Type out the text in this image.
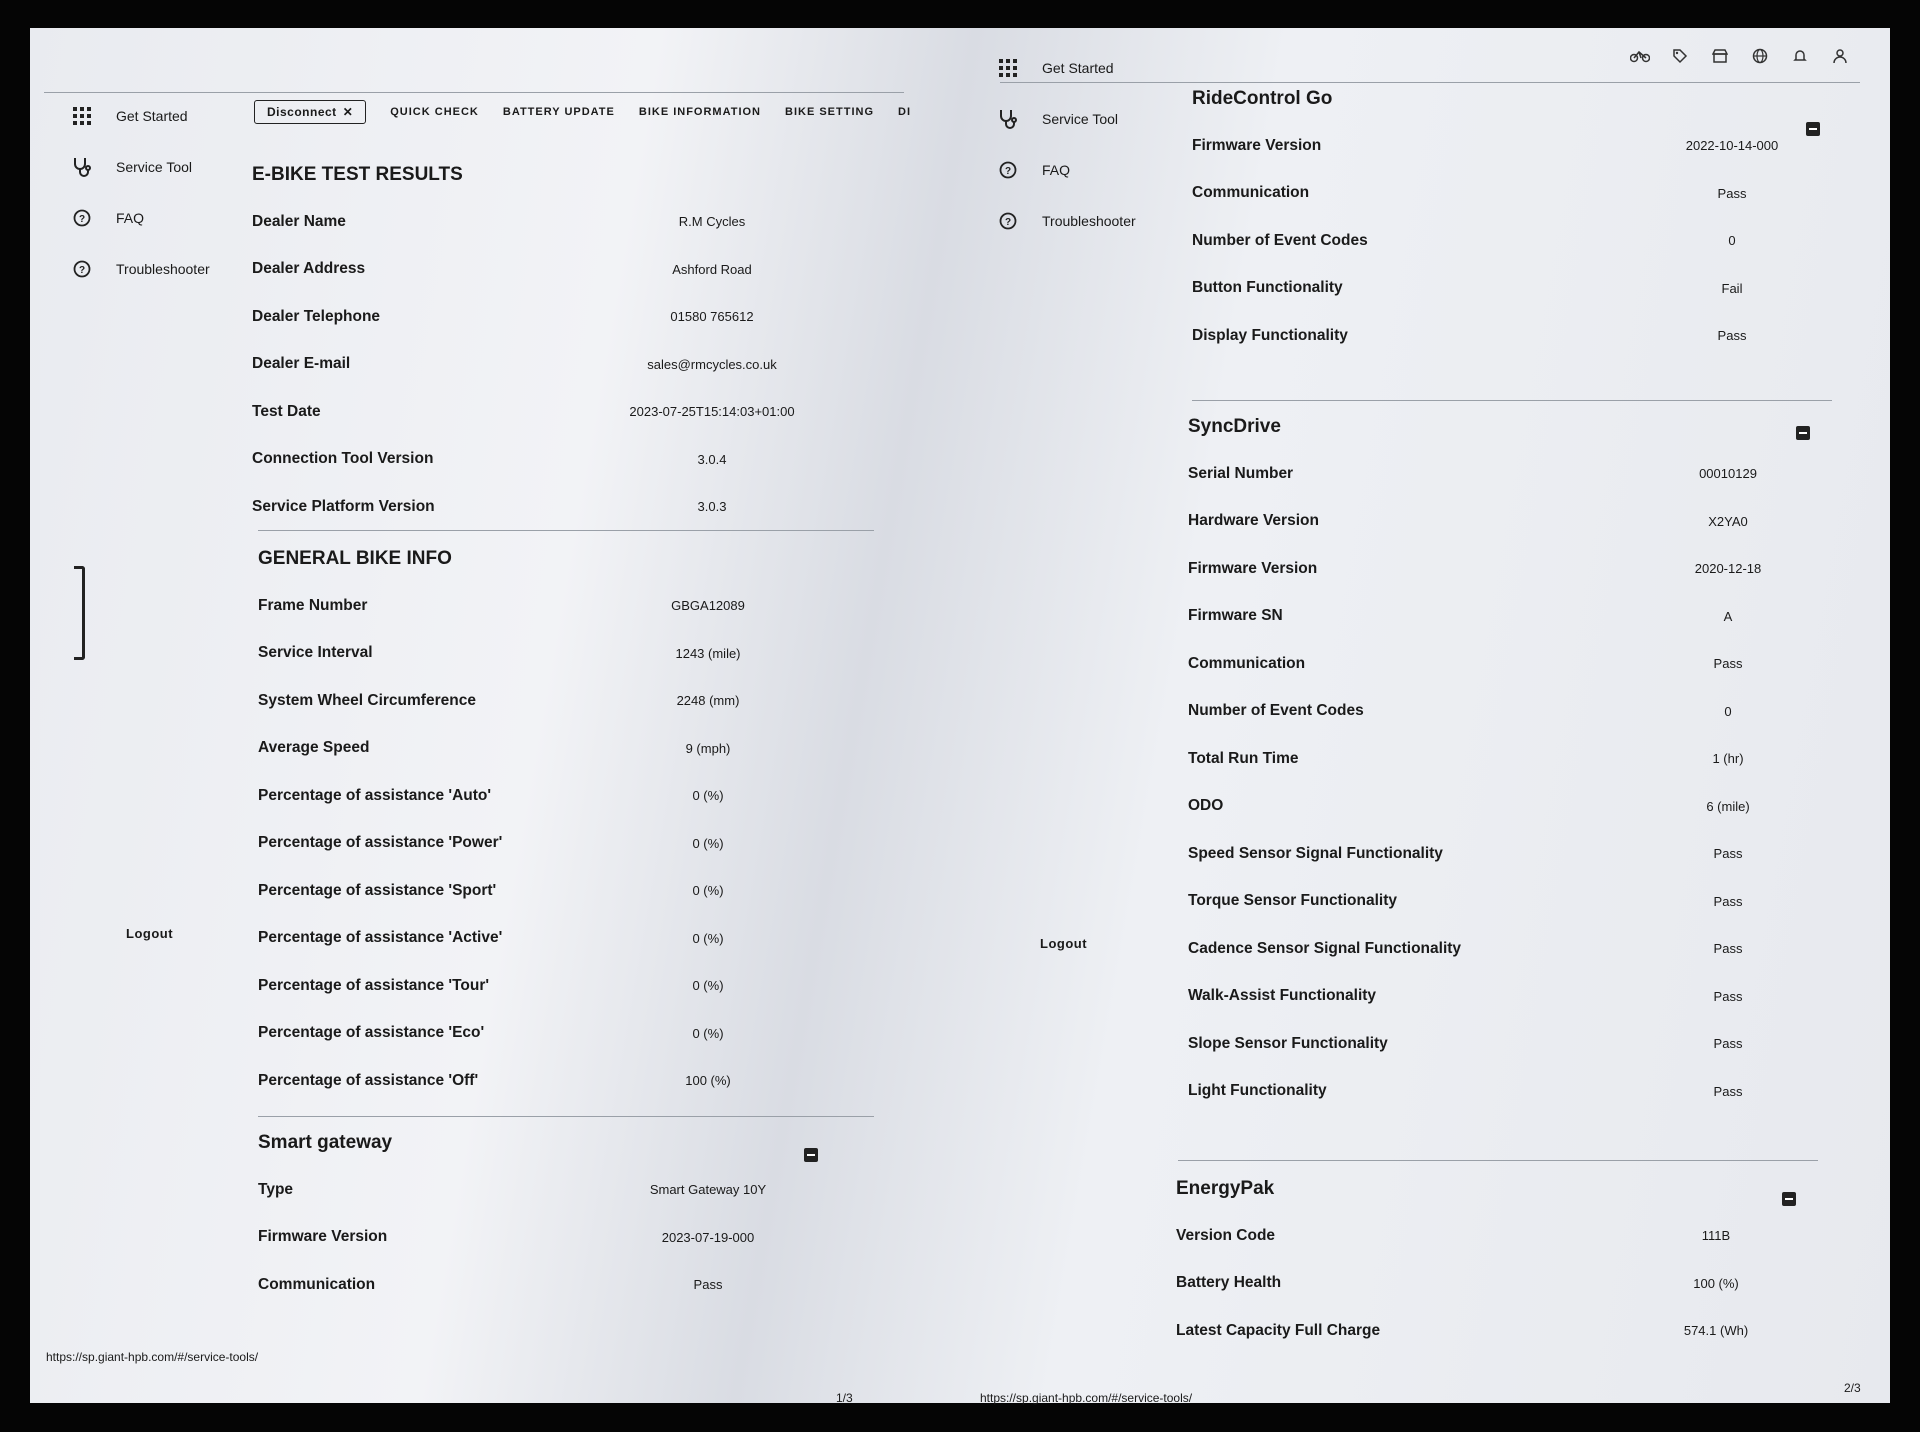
Get Started
Service Tool
? FAQ
? Troubleshooter
Logout
Disconnect ✕	QUICK CHECK BATTERY UPDATE BIKE INFORMATION BIKE SETTING DI
E-BIKE TEST RESULTS
Dealer Name	R.M Cycles
Dealer Address	Ashford Road
Dealer Telephone	01580 765612
Dealer E-mail	sales@rmcycles.co.uk
Test Date	2023-07-25T15:14:03+01:00
Connection Tool Version	3.0.4
Service Platform Version	3.0.3
GENERAL BIKE INFO
Frame Number	GBGA12089
Service Interval	1243 (mile)
System Wheel Circumference	2248 (mm)
Average Speed	9 (mph)
Percentage of assistance 'Auto'	0 (%)
Percentage of assistance 'Power'	0 (%)
Percentage of assistance 'Sport'	0 (%)
Percentage of assistance 'Active'	0 (%)
Percentage of assistance 'Tour'	0 (%)
Percentage of assistance 'Eco'	0 (%)
Percentage of assistance 'Off'	100 (%)
Smart gateway
Type	Smart Gateway 10Y
Firmware Version	2023-07-19-000
Communication	Pass
https://sp.giant-hpb.com/#/service-tools/
1/3
Get Started
Service Tool
? FAQ
? Troubleshooter
Logout
RideControl Go
Firmware Version	2022-10-14-000
Communication	Pass
Number of Event Codes	0
Button Functionality	Fail
Display Functionality	Pass
SyncDrive
Serial Number	00010129
Hardware Version	X2YA0
Firmware Version	2020-12-18
Firmware SN	A
Communication	Pass
Number of Event Codes	0
Total Run Time	1 (hr)
ODO	6 (mile)
Speed Sensor Signal Functionality	Pass
Torque Sensor Functionality	Pass
Cadence Sensor Signal Functionality	Pass
Walk-Assist Functionality	Pass
Slope Sensor Functionality	Pass
Light Functionality	Pass
EnergyPak
Version Code	111B
Battery Health	100 (%)
Latest Capacity Full Charge	574.1 (Wh)
https://sp.giant-hpb.com/#/service-tools/
2/3
